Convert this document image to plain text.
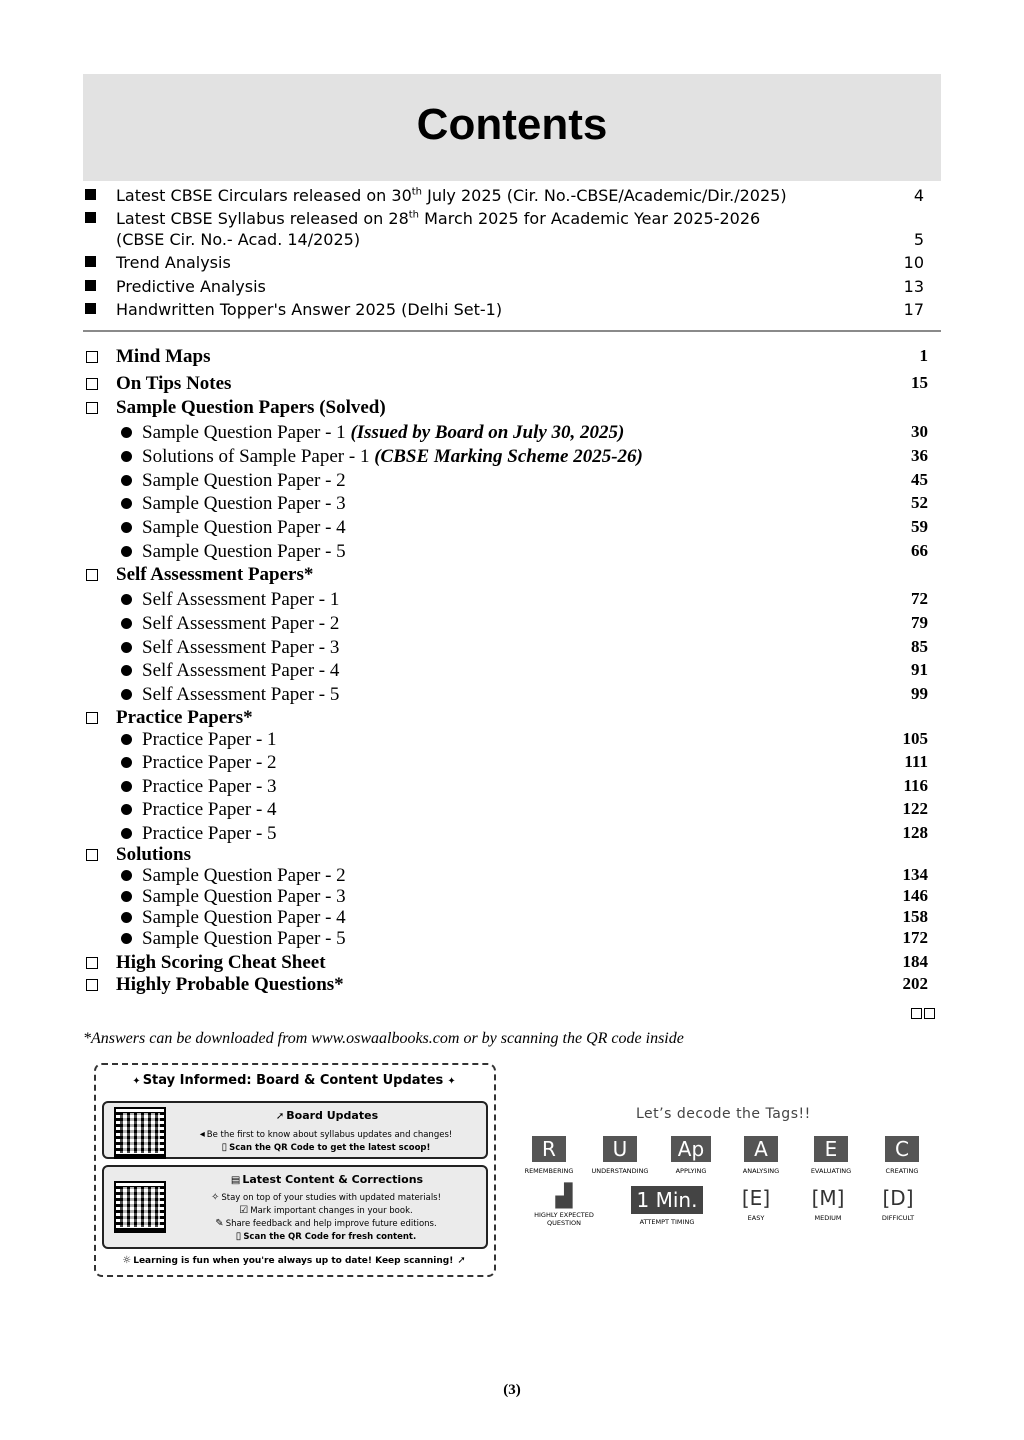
Contents
Latest CBSE Circulars released on 30th July 2025 (Cir. No.-CBSE/Academic/Dir./2025)	4
Latest CBSE Syllabus released on 28th March 2025 for Academic Year 2025-2026
(CBSE Cir. No.- Acad. 14/2025)	5
Trend Analysis	10
Predictive Analysis	13
Handwritten Topper's Answer 2025 (Delhi Set-1)	17
Mind Maps	1
On Tips Notes	15
Sample Question Papers (Solved)
Sample Question Paper - 1 (Issued by Board on July 30, 2025)	30
Solutions of Sample Paper - 1 (CBSE Marking Scheme 2025-26)	36
Sample Question Paper - 2	45
Sample Question Paper - 3	52
Sample Question Paper - 4	59
Sample Question Paper - 5	66
Self Assessment Papers*
Self Assessment Paper - 1	72
Self Assessment Paper - 2	79
Self Assessment Paper - 3	85
Self Assessment Paper - 4	91
Self Assessment Paper - 5	99
Practice Papers*
Practice Paper - 1	105
Practice Paper - 2	111
Practice Paper - 3	116
Practice Paper - 4	122
Practice Paper - 5	128
Solutions
Sample Question Paper - 2	134
Sample Question Paper - 3	146
Sample Question Paper - 4	158
Sample Question Paper - 5	172
High Scoring Cheat Sheet	184
Highly Probable Questions*	202
*Answers can be downloaded from www.oswaalbooks.com or by scanning the QR code inside
✦ Stay Informed: Board & Content Updates ✦
➚ Board Updates
◂ Be the first to know about syllabus updates and changes!
▯ Scan the QR Code to get the latest scoop!
▤ Latest Content & Corrections
✧ Stay on top of your studies with updated materials!
☑ Mark important changes in your book.
✎ Share feedback and help improve future editions.
▯ Scan the QR Code for fresh content.
☼ Learning is fun when you're always up to date! Keep scanning! ➚
Let’s decode the Tags!!
R
REMEMBERING
U
UNDERSTANDING
Ap
APPLYING
A
ANALYSING
E
EVALUATING
C
CREATING
▟
HIGHLY EXPECTED
QUESTION
1 Min.
ATTEMPT TIMING
[E]
EASY
[M]
MEDIUM
[D]
DIFFICULT
(3)
